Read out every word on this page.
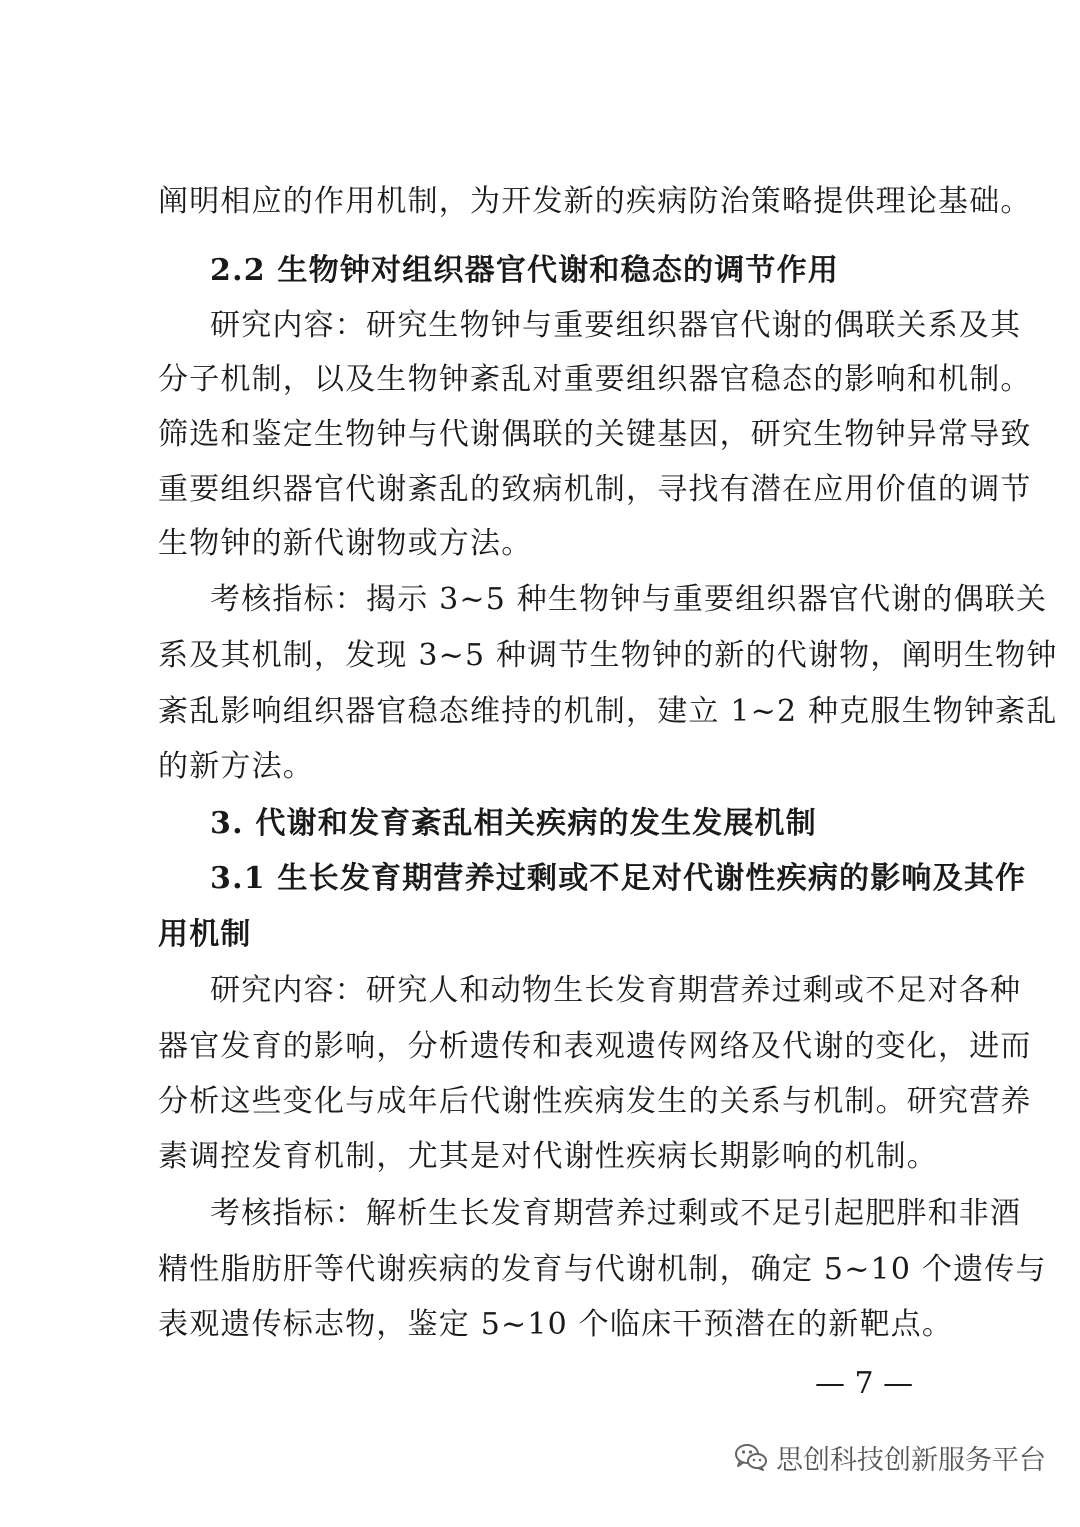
阐明相应的作用机制，为开发新的疾病防治策略提供理论基础。
2.2 生物钟对组织器官代谢和稳态的调节作用
研究内容：研究生物钟与重要组织器官代谢的偶联关系及其
分子机制，以及生物钟紊乱对重要组织器官稳态的影响和机制。
筛选和鉴定生物钟与代谢偶联的关键基因，研究生物钟异常导致
重要组织器官代谢紊乱的致病机制，寻找有潜在应用价值的调节
生物钟的新代谢物或方法。
考核指标：揭示 3~5 种生物钟与重要组织器官代谢的偶联关
系及其机制，发现 3~5 种调节生物钟的新的代谢物，阐明生物钟
紊乱影响组织器官稳态维持的机制，建立 1~2 种克服生物钟紊乱
的新方法。
3. 代谢和发育紊乱相关疾病的发生发展机制
3.1 生长发育期营养过剩或不足对代谢性疾病的影响及其作
用机制
研究内容：研究人和动物生长发育期营养过剩或不足对各种
器官发育的影响，分析遗传和表观遗传网络及代谢的变化，进而
分析这些变化与成年后代谢性疾病发生的关系与机制。研究营养
素调控发育机制，尤其是对代谢性疾病长期影响的机制。
考核指标：解析生长发育期营养过剩或不足引起肥胖和非酒
精性脂肪肝等代谢疾病的发育与代谢机制，确定 5~10 个遗传与
表观遗传标志物，鉴定 5~10 个临床干预潜在的新靶点。
— 7 —
思创科技创新服务平台
